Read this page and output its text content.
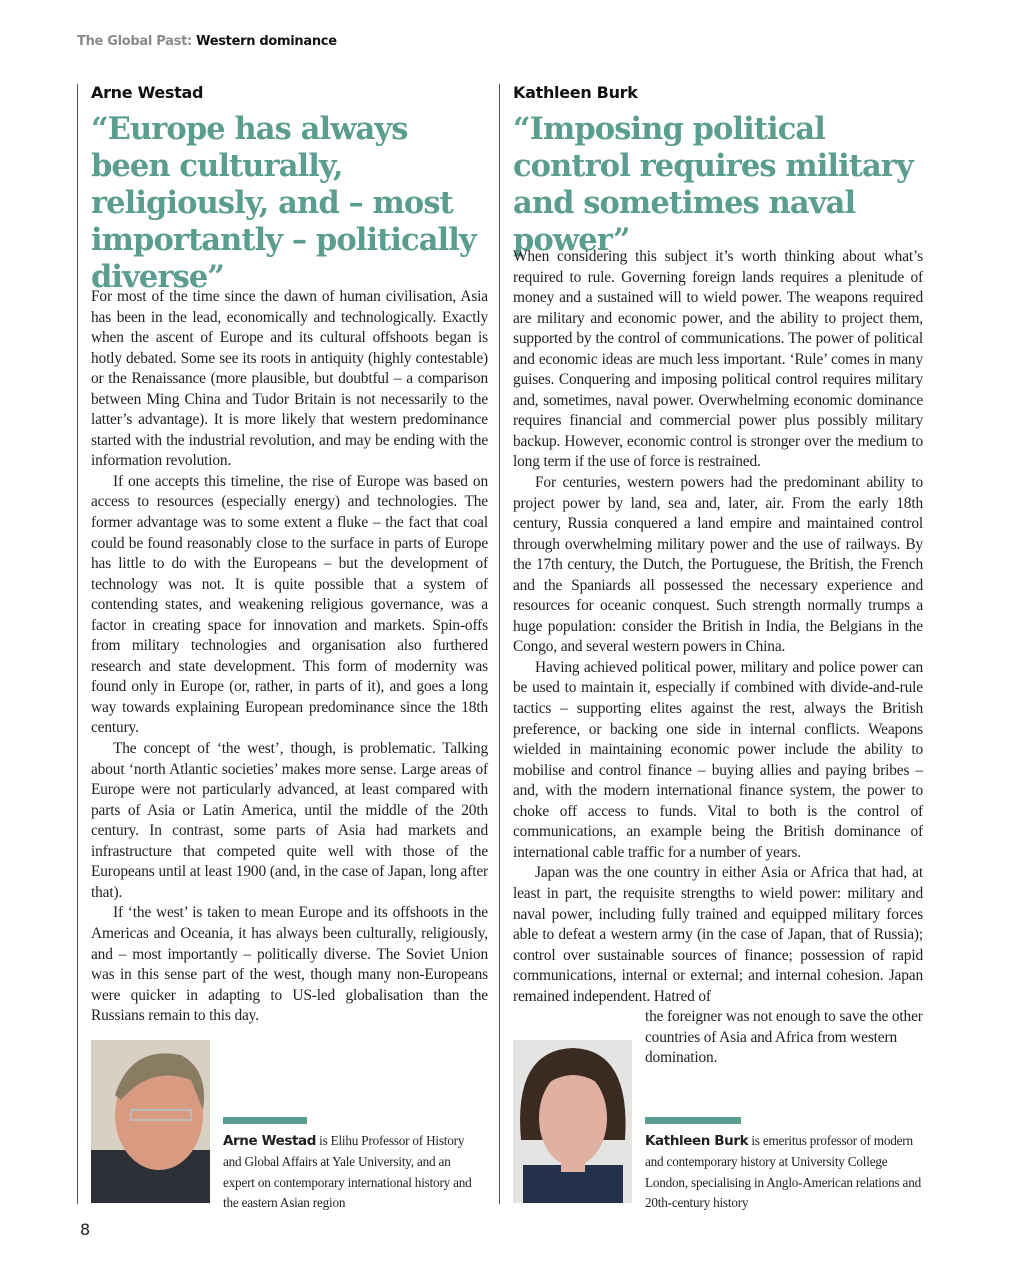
The Global Past: Western dominance
Arne Westad
“Europe has always been culturally, religiously, and – most importantly – politically diverse”

For most of the time since the dawn of human civilisation, Asia has been in the lead, economically and technologically. Exactly when the ascent of Europe and its cultural offshoots began is hotly debated. Some see its roots in antiquity (highly contestable) or the Renaissance (more plausible, but doubtful – a comparison between Ming China and Tudor Britain is not necessarily to the latter’s advantage). It is more likely that western predominance started with the industrial revolution, and may be ending with the information revolution.

If one accepts this timeline, the rise of Europe was based on access to resources (especially energy) and technologies. The former advantage was to some extent a fluke – the fact that coal could be found reasonably close to the surface in parts of Europe has little to do with the Europeans – but the development of technology was not. It is quite possible that a system of contending states, and weakening religious governance, was a factor in creating space for innovation and markets. Spin-offs from military technologies and organisation also furthered research and state development. This form of modernity was found only in Europe (or, rather, in parts of it), and goes a long way towards explaining European predominance since the 18th century.

The concept of ‘the west’, though, is problematic. Talking about ‘north Atlantic societies’ makes more sense. Large areas of Europe were not particularly advanced, at least compared with parts of Asia or Latin America, until the middle of the 20th century. In contrast, some parts of Asia had markets and infrastructure that competed quite well with those of the Europeans until at least 1900 (and, in the case of Japan, long after that).

If ‘the west’ is taken to mean Europe and its offshoots in the Americas and Oceania, it has always been culturally, religiously, and – most importantly – politically diverse. The Soviet Union was in this sense part of the west, though many non-Europeans were quicker in adapting to US-led globalisation than the Russians remain to this day.

Arne Westad is Elihu Professor of History and Global Affairs at Yale University, and an expert on contemporary international history and the eastern Asian region
Kathleen Burk
“Imposing political control requires military and sometimes naval power”

When considering this subject it’s worth thinking about what’s required to rule. Governing foreign lands requires a plenitude of money and a sustained will to wield power. The weapons required are military and economic power, and the ability to project them, supported by the control of communications. The power of political and economic ideas are much less important. ‘Rule’ comes in many guises. Conquering and imposing political control requires military and, sometimes, naval power. Overwhelming economic dominance requires financial and commercial power plus possibly military backup. However, economic control is stronger over the medium to long term if the use of force is restrained.

For centuries, western powers had the predominant ability to project power by land, sea and, later, air. From the early 18th century, Russia conquered a land empire and maintained control through overwhelming military power and the use of railways. By the 17th century, the Dutch, the Portuguese, the British, the French and the Spaniards all possessed the necessary experience and resources for oceanic conquest. Such strength normally trumps a huge population: consider the British in India, the Belgians in the Congo, and several western powers in China.

Having achieved political power, military and police power can be used to maintain it, especially if combined with divide-and-rule tactics – supporting elites against the rest, always the British preference, or backing one side in internal conflicts. Weapons wielded in maintaining economic power include the ability to mobilise and control finance – buying allies and paying bribes – and, with the modern international finance system, the power to choke off access to funds. Vital to both is the control of communications, an example being the British dominance of international cable traffic for a number of years.

Japan was the one country in either Asia or Africa that had, at least in part, the requisite strengths to wield power: military and naval power, including fully trained and equipped military forces able to defeat a western army (in the case of Japan, that of Russia); control over sustainable sources of finance; possession of rapid communications, internal or external; and internal cohesion. Japan remained independent. Hatred of

the foreigner was not enough to save the other countries of Asia and Africa from western domination.

Kathleen Burk is emeritus professor of modern and contemporary history at University College London, specialising in Anglo-American relations and 20th-century history
8
